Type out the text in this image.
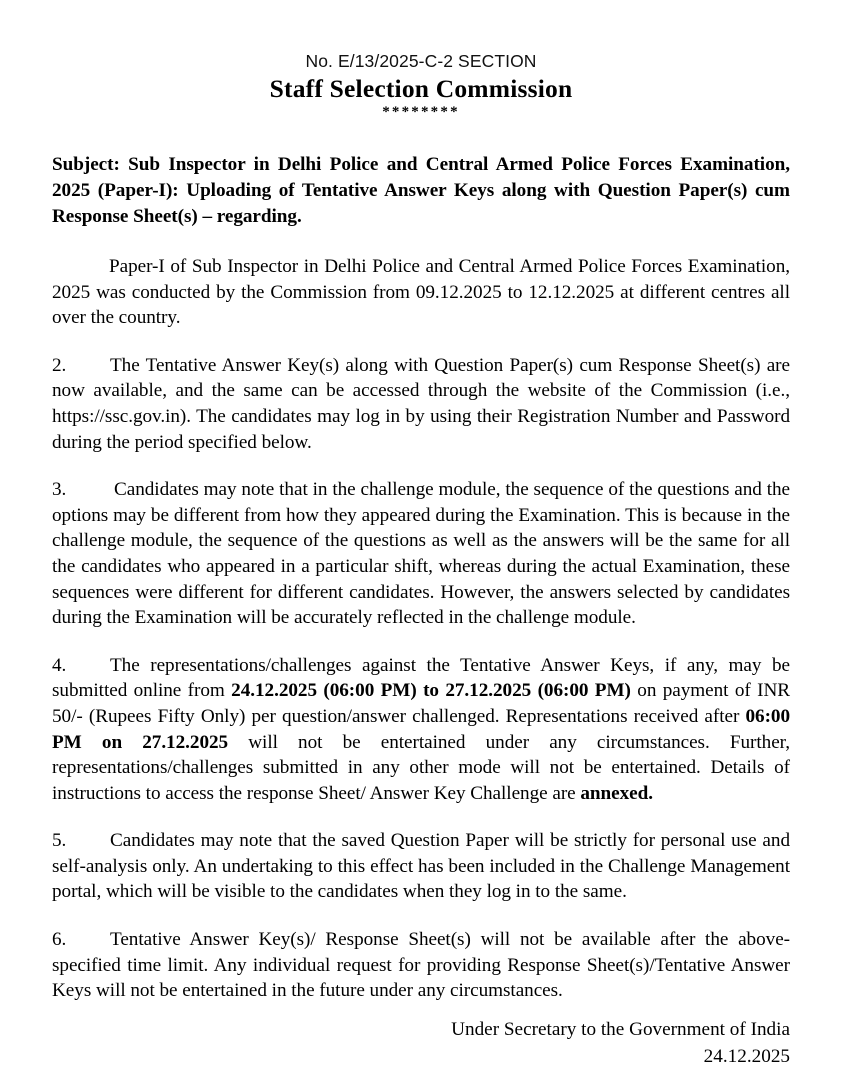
No. E/13/2025-C-2 SECTION
Staff Selection Commission
********
Subject: Sub Inspector in Delhi Police and Central Armed Police Forces Examination, 2025 (Paper-I): Uploading of Tentative Answer Keys along with Question Paper(s) cum Response Sheet(s) – regarding.
Paper-I of Sub Inspector in Delhi Police and Central Armed Police Forces Examination, 2025 was conducted by the Commission from 09.12.2025 to 12.12.2025 at different centres all over the country.
2. The Tentative Answer Key(s) along with Question Paper(s) cum Response Sheet(s) are now available, and the same can be accessed through the website of the Commission (i.e., https://ssc.gov.in). The candidates may log in by using their Registration Number and Password during the period specified below.
3. Candidates may note that in the challenge module, the sequence of the questions and the options may be different from how they appeared during the Examination. This is because in the challenge module, the sequence of the questions as well as the answers will be the same for all the candidates who appeared in a particular shift, whereas during the actual Examination, these sequences were different for different candidates. However, the answers selected by candidates during the Examination will be accurately reflected in the challenge module.
4. The representations/challenges against the Tentative Answer Keys, if any, may be submitted online from 24.12.2025 (06:00 PM) to 27.12.2025 (06:00 PM) on payment of INR 50/- (Rupees Fifty Only) per question/answer challenged. Representations received after 06:00 PM on 27.12.2025 will not be entertained under any circumstances. Further, representations/challenges submitted in any other mode will not be entertained. Details of instructions to access the response Sheet/ Answer Key Challenge are annexed.
5. Candidates may note that the saved Question Paper will be strictly for personal use and self-analysis only. An undertaking to this effect has been included in the Challenge Management portal, which will be visible to the candidates when they log in to the same.
6. Tentative Answer Key(s)/ Response Sheet(s) will not be available after the above-specified time limit. Any individual request for providing Response Sheet(s)/Tentative Answer Keys will not be entertained in the future under any circumstances.
Under Secretary to the Government of India
24.12.2025
